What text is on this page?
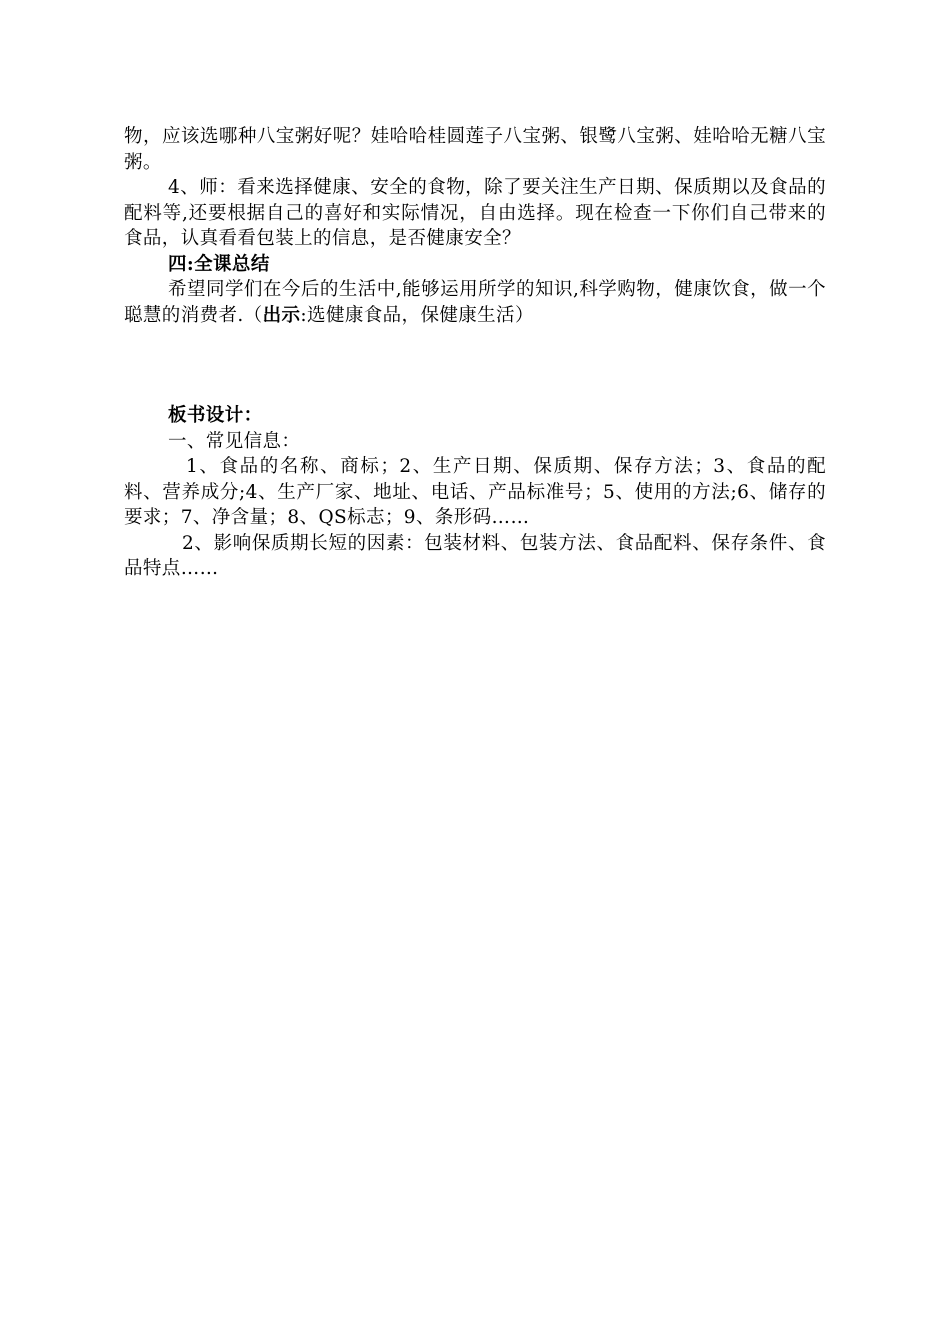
物，应该选哪种八宝粥好呢？娃哈哈桂圆莲子八宝粥、银鹭八宝粥、娃哈哈无糖八宝粥。

4、师：看来选择健康、安全的食物，除了要关注生产日期、保质期以及食品的配料等,还要根据自己的喜好和实际情况，自由选择。现在检查一下你们自己带来的食品，认真看看包装上的信息，是否健康安全？

四:全课总结

希望同学们在今后的生活中,能够运用所学的知识,科学购物，健康饮食，做一个聪慧的消费者.（出示:选健康食品，保健康生活）

板书设计：

一、常见信息：

1、食品的名称、商标；2、生产日期、保质期、保存方法；3、食品的配料、营养成分;4、生产厂家、地址、电话、产品标准号；5、使用的方法;6、储存的要求；7、净含量；8、QS标志；9、条形码……

2、影响保质期长短的因素：包装材料、包装方法、食品配料、保存条件、食品特点……
